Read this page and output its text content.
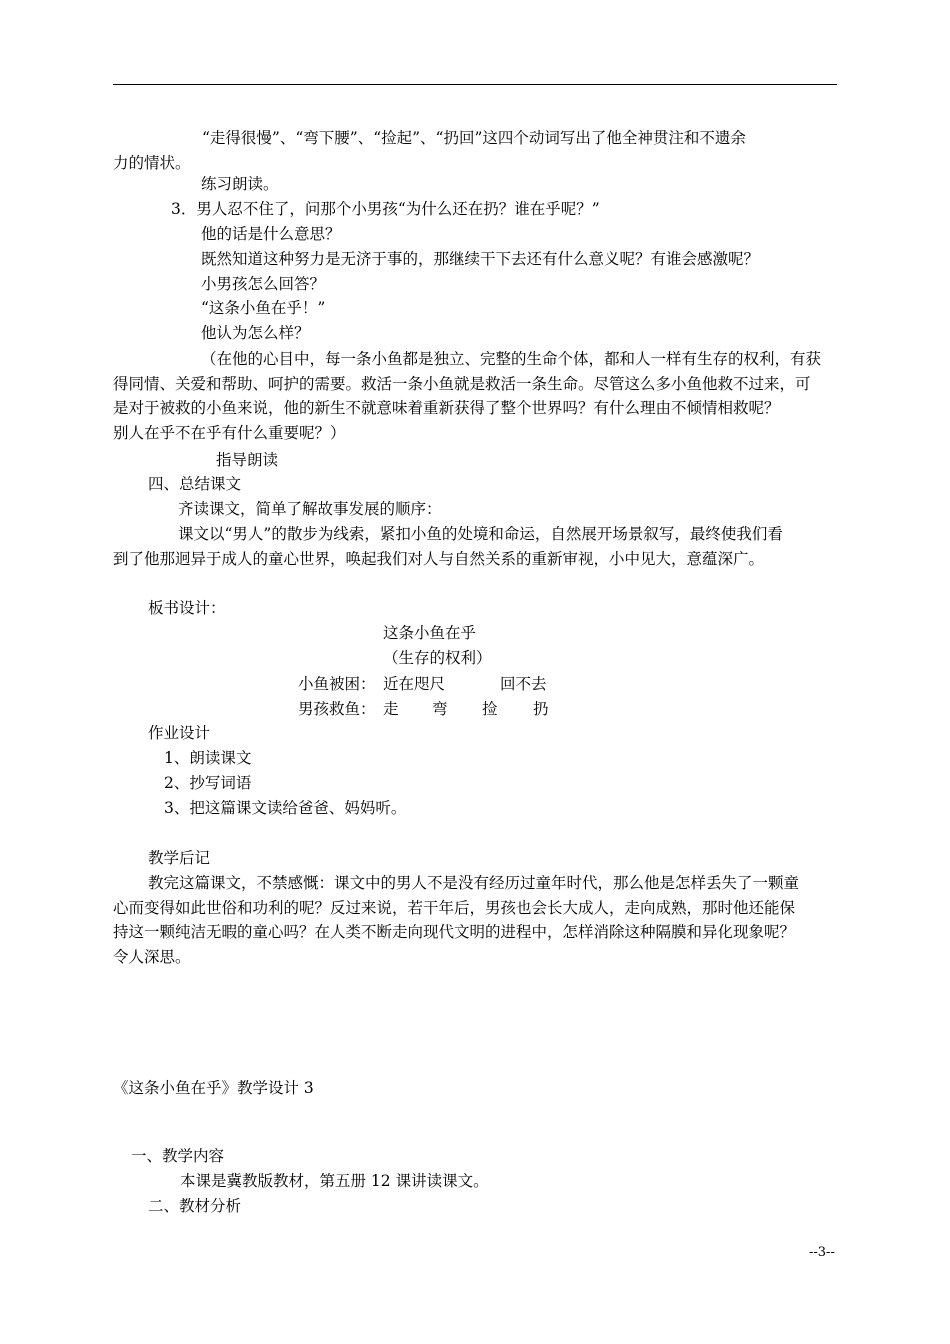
“走得很慢”、“弯下腰”、“捡起”、“扔回”这四个动词写出了他全神贯注和不遗余
力的情状。
练习朗读。
3．男人忍不住了，问那个小男孩“为什么还在扔？谁在乎呢？”
他的话是什么意思？
既然知道这种努力是无济于事的，那继续干下去还有什么意义呢？有谁会感激呢？
小男孩怎么回答？
“这条小鱼在乎！”
他认为怎么样？
（在他的心目中，每一条小鱼都是独立、完整的生命个体，都和人一样有生存的权利，有获
得同情、关爱和帮助、呵护的需要。救活一条小鱼就是救活一条生命。尽管这么多小鱼他救不过来，可
是对于被救的小鱼来说，他的新生不就意味着重新获得了整个世界吗？有什么理由不倾情相救呢？
别人在乎不在乎有什么重要呢？）
指导朗读
四、总结课文
齐读课文，简单了解故事发展的顺序：
课文以“男人”的散步为线索，紧扣小鱼的处境和命运，自然展开场景叙写，最终使我们看
到了他那迥异于成人的童心世界，唤起我们对人与自然关系的重新审视，小中见大，意蕴深广。
板书设计：
这条小鱼在乎
（生存的权利）
小鱼被困： 近在咫尺	回不去
男孩救鱼： 走 弯 捡 扔
作业设计
1、朗读课文
2、抄写词语
3、把这篇课文读给爸爸、妈妈听。
教学后记
教完这篇课文，不禁感慨：课文中的男人不是没有经历过童年时代，那么他是怎样丢失了一颗童
心而变得如此世俗和功利的呢？反过来说，若干年后，男孩也会长大成人，走向成熟，那时他还能保
持这一颗纯洁无暇的童心吗？在人类不断走向现代文明的进程中，怎样消除这种隔膜和异化现象呢？
令人深思。
《这条小鱼在乎》教学设计 3
一、教学内容
本课是冀教版教材，第五册 12 课讲读课文。
二、教材分析
--3--
